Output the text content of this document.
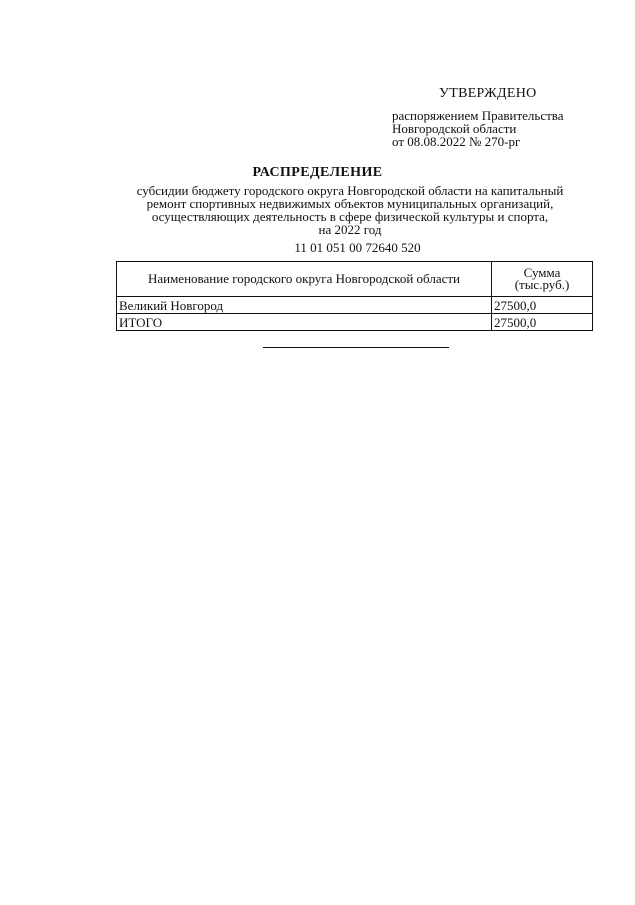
УТВЕРЖДЕНО
распоряжением Правительства
Новгородской области
от 08.08.2022 № 270-рг
РАСПРЕДЕЛЕНИЕ
субсидии бюджету городского округа Новгородской области на капитальный
ремонт спортивных недвижимых объектов муниципальных организаций,
осуществляющих деятельность в сфере физической культуры и спорта,
на 2022 год
11 01 051 00 72640 520
Наименование городского округа Новгородской области	Сумма
(тыс.руб.)

Великий Новгород	27500,0
ИТОГО	27500,0
